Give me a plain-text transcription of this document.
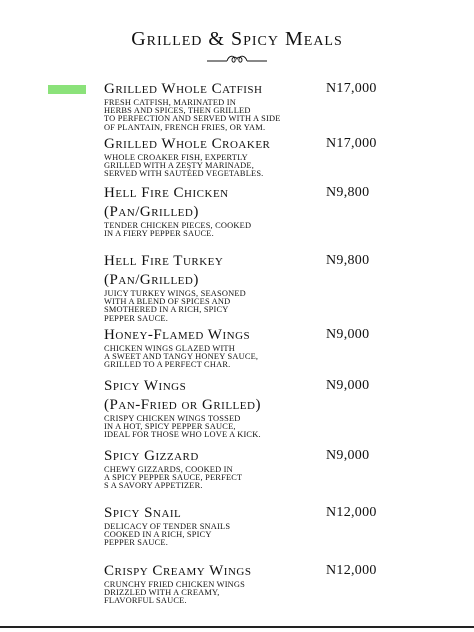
Grilled & Spicy Meals
Grilled Whole Catfish
FRESH CATFISH, MARINATED IN
HERBS AND SPICES, THEN GRILLED
TO PERFECTION AND SERVED WITH A SIDE
OF PLANTAIN, FRENCH FRIES, OR YAM.
N17,000
Grilled Whole Croaker
WHOLE CROAKER FISH, EXPERTLY
GRILLED WITH A ZESTY MARINADE,
SERVED WITH SAUTÉED VEGETABLES.
N17,000
Hell Fire Chicken
(Pan/Grilled)
TENDER CHICKEN PIECES, COOKED
IN A FIERY PEPPER SAUCE.
N9,800
Hell Fire Turkey
(Pan/Grilled)
JUICY TURKEY WINGS, SEASONED
WITH A BLEND OF SPICES AND
SMOTHERED IN A RICH, SPICY
PEPPER SAUCE.
N9,800
Honey-Flamed Wings
CHICKEN WINGS GLAZED WITH
A SWEET AND TANGY HONEY SAUCE,
GRILLED TO A PERFECT CHAR.
N9,000
Spicy Wings
(Pan-Fried or Grilled)
CRISPY CHICKEN WINGS TOSSED
IN A HOT, SPICY PEPPER SAUCE,
IDEAL FOR THOSE WHO LOVE A KICK.
N9,000
Spicy Gizzard
CHEWY GIZZARDS, COOKED IN
A SPICY PEPPER SAUCE, PERFECT
S A SAVORY APPETIZER.
N9,000
Spicy Snail
DELICACY OF TENDER SNAILS
COOKED IN A RICH, SPICY
PEPPER SAUCE.
N12,000
Crispy Creamy Wings
CRUNCHY FRIED CHICKEN WINGS
DRIZZLED WITH A CREAMY,
FLAVORFUL SAUCE.
N12,000
